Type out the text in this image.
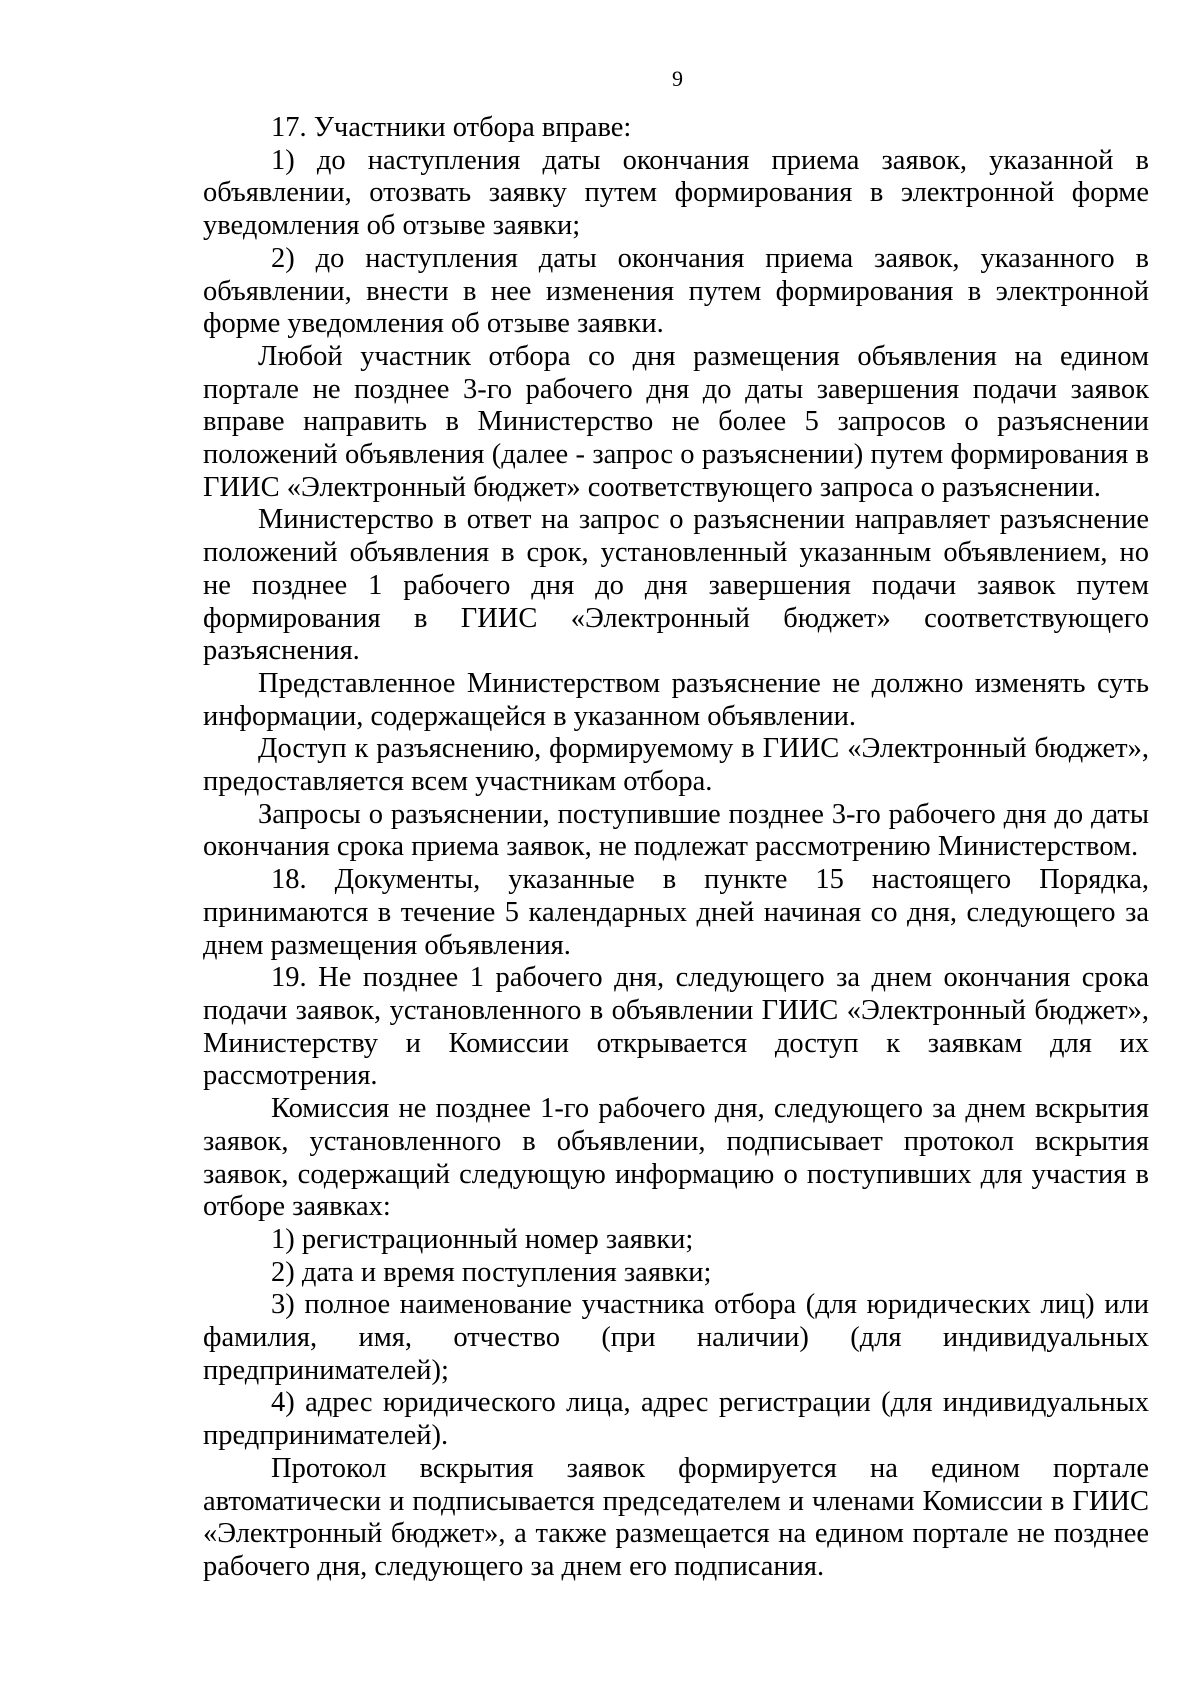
9

17. Участники отбора вправе:

1) до наступления даты окончания приема заявок, указанной в объявлении, отозвать заявку путем формирования в электронной форме уведомления об отзыве заявки;

2) до наступления даты окончания приема заявок, указанного в объявлении, внести в нее изменения путем формирования в электронной форме уведомления об отзыве заявки.

Любой участник отбора со дня размещения объявления на едином портале не позднее 3-го рабочего дня до даты завершения подачи заявок вправе направить в Министерство не более 5 запросов о разъяснении положений объявления (далее - запрос о разъяснении) путем формирования в ГИИС «Электронный бюджет» соответствующего запроса о разъяснении.

Министерство в ответ на запрос о разъяснении направляет разъяснение положений объявления в срок, установленный указанным объявлением, но не позднее 1 рабочего дня до дня завершения подачи заявок путем формирования в ГИИС «Электронный бюджет» соответствующего разъяснения.

Представленное Министерством разъяснение не должно изменять суть информации, содержащейся в указанном объявлении.

Доступ к разъяснению, формируемому в ГИИС «Электронный бюджет», предоставляется всем участникам отбора.

Запросы о разъяснении, поступившие позднее 3-го рабочего дня до даты окончания срока приема заявок, не подлежат рассмотрению Министерством.

18. Документы, указанные в пункте 15 настоящего Порядка, принимаются в течение 5 календарных дней начиная со дня, следующего за днем размещения объявления.

19. Не позднее 1 рабочего дня, следующего за днем окончания срока подачи заявок, установленного в объявлении ГИИС «Электронный бюджет», Министерству и Комиссии открывается доступ к заявкам для их рассмотрения.

Комиссия не позднее 1-го рабочего дня, следующего за днем вскрытия заявок, установленного в объявлении, подписывает протокол вскрытия заявок, содержащий следующую информацию о поступивших для участия в отборе заявках:

1) регистрационный номер заявки;

2) дата и время поступления заявки;

3) полное наименование участника отбора (для юридических лиц) или фамилия, имя, отчество (при наличии) (для индивидуальных предпринимателей);

4) адрес юридического лица, адрес регистрации (для индивидуальных предпринимателей).

Протокол вскрытия заявок формируется на едином портале автоматически и подписывается председателем и членами Комиссии в ГИИС «Электронный бюджет», а также размещается на едином портале не позднее рабочего дня, следующего за днем его подписания.
